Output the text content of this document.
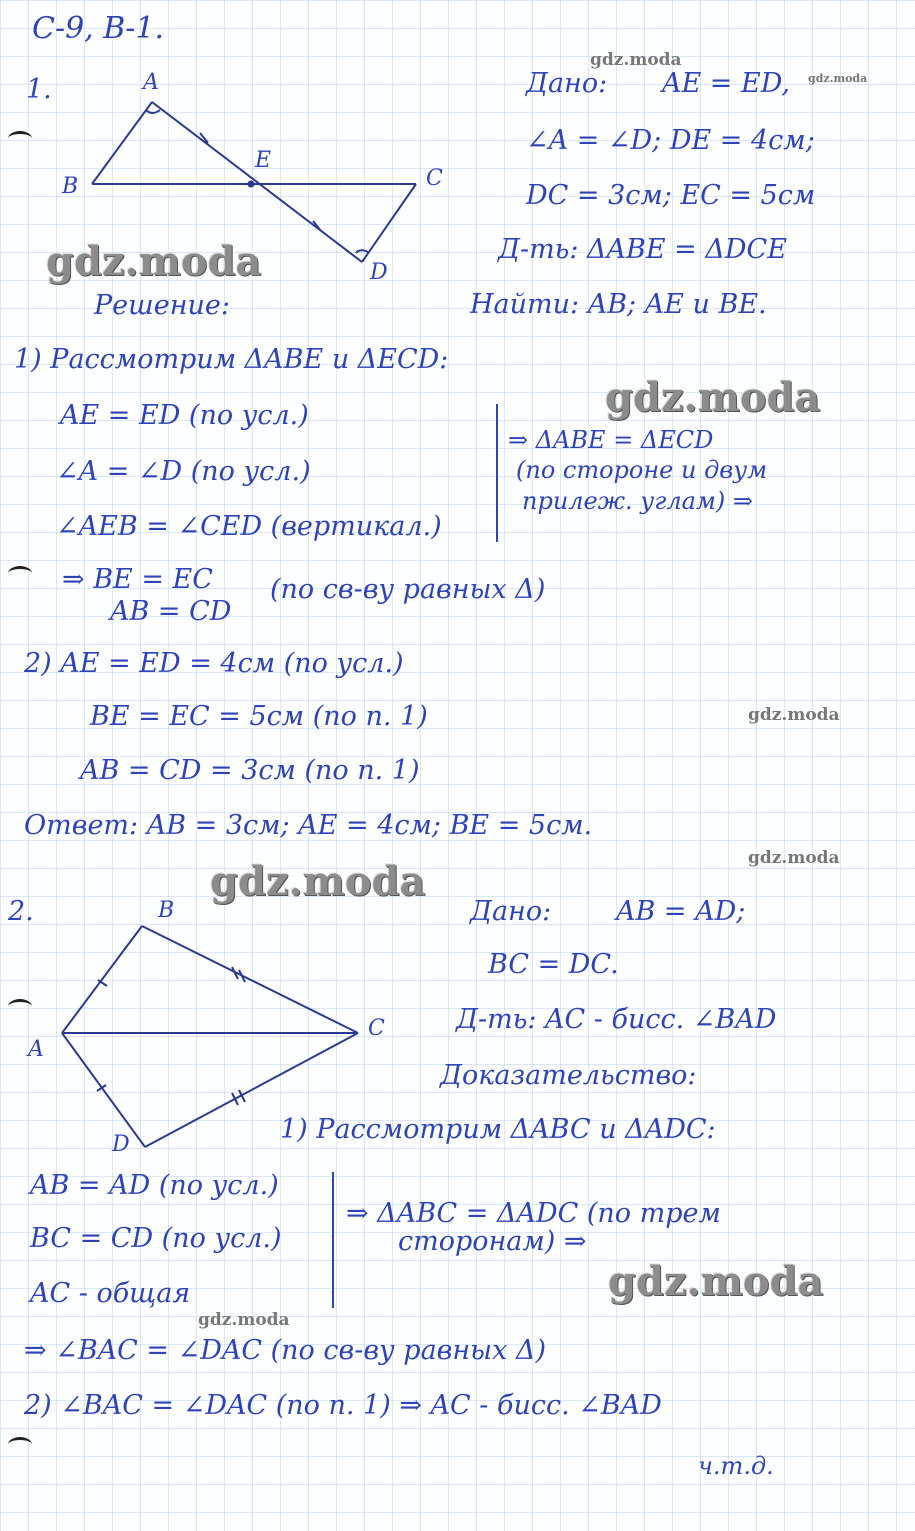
С-9, В-1.
1.	A
B
E
C
D
Дано: AE = ED,
∠A = ∠D; DE = 4см;
DC = 3см; EC = 5см
Д-ть: ΔABE = ΔDCE
Найти: AB; AE и BE.
Решение:
1) Рассмотрим ΔABE и ΔECD:
AE = ED (по усл.)
∠A = ∠D (по усл.)
∠AEB = ∠CED (вертикал.)
⇒ ΔABE = ΔECD
(по стороне и двум
прилеж. углам) ⇒
⇒ BE = EC
AB = CD
(по св-ву равных Δ)
2) AE = ED = 4см (по усл.)
BE = EC = 5см (по п. 1)
AB = CD = 3см (по п. 1)
Ответ: AB = 3см; AE = 4см; BE = 5см.
2.	B
A
C
D
Дано: AB = AD;
BC = DC.
Д-ть: AC - бисс. ∠BAD
Доказательство:
1) Рассмотрим ΔABC и ΔADC:
AB = AD (по усл.)
BC = CD (по усл.)
AC - общая
⇒ ΔABC = ΔADC (по трем
сторонам) ⇒
⇒ ∠BAC = ∠DAC (по св-ву равных Δ)
2) ∠BAC = ∠DAC (по п. 1) ⇒ AC - бисс. ∠BAD
ч.т.д.
gdz.moda
gdz.moda
gdz.moda
gdz.moda
gdz.moda
gdz.moda
gdz.moda
gdz.moda
gdz.moda
